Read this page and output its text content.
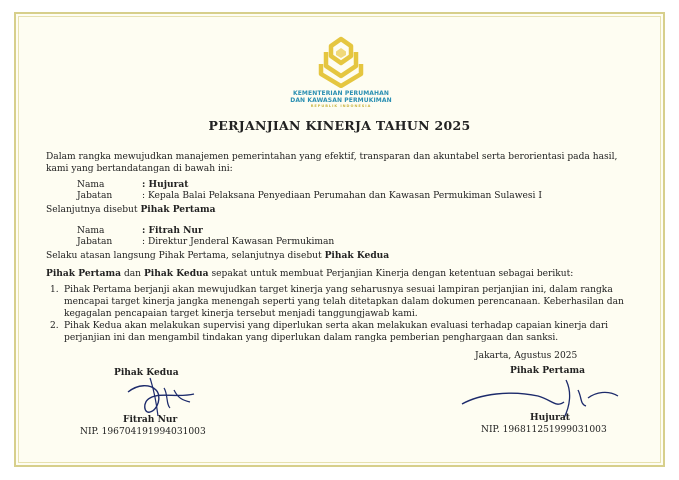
KEMENTERIAN PERUMAHAN
DAN KAWASAN PERMUKIMAN
REPUBLIK INDONESIA
PERJANJIAN KINERJA TAHUN 2025
Dalam rangka mewujudkan manajemen pemerintahan yang efektif, transparan dan akuntabel serta berorientasi pada hasil,
kami yang bertandatangan di bawah ini:
Nama	: Hujurat
Jabatan	: Kepala Balai Pelaksana Penyediaan Perumahan dan Kawasan Permukiman Sulawesi I
Selanjutnya disebut Pihak Pertama
Nama	: Fitrah Nur
Jabatan	: Direktur Jenderal Kawasan Permukiman
Selaku atasan langsung Pihak Pertama, selanjutnya disebut Pihak Kedua
Pihak Pertama dan Pihak Kedua sepakat untuk membuat Perjanjian Kinerja dengan ketentuan sebagai berikut:
1. Pihak Pertama berjanji akan mewujudkan target kinerja yang seharusnya sesuai lampiran perjanjian ini, dalam rangka
mencapai target kinerja jangka menengah seperti yang telah ditetapkan dalam dokumen perencanaan. Keberhasilan dan
kegagalan pencapaian target kinerja tersebut menjadi tanggungjawab kami.
2. Pihak Kedua akan melakukan supervisi yang diperlukan serta akan melakukan evaluasi terhadap capaian kinerja dari
perjanjian ini dan mengambil tindakan yang diperlukan dalam rangka pemberian penghargaan dan sanksi.
Jakarta, Agustus 2025
Pihak Kedua
Fitrah Nur
NIP. 196704191994031003
Pihak Pertama
Hujurat
NIP. 196811251999031003
